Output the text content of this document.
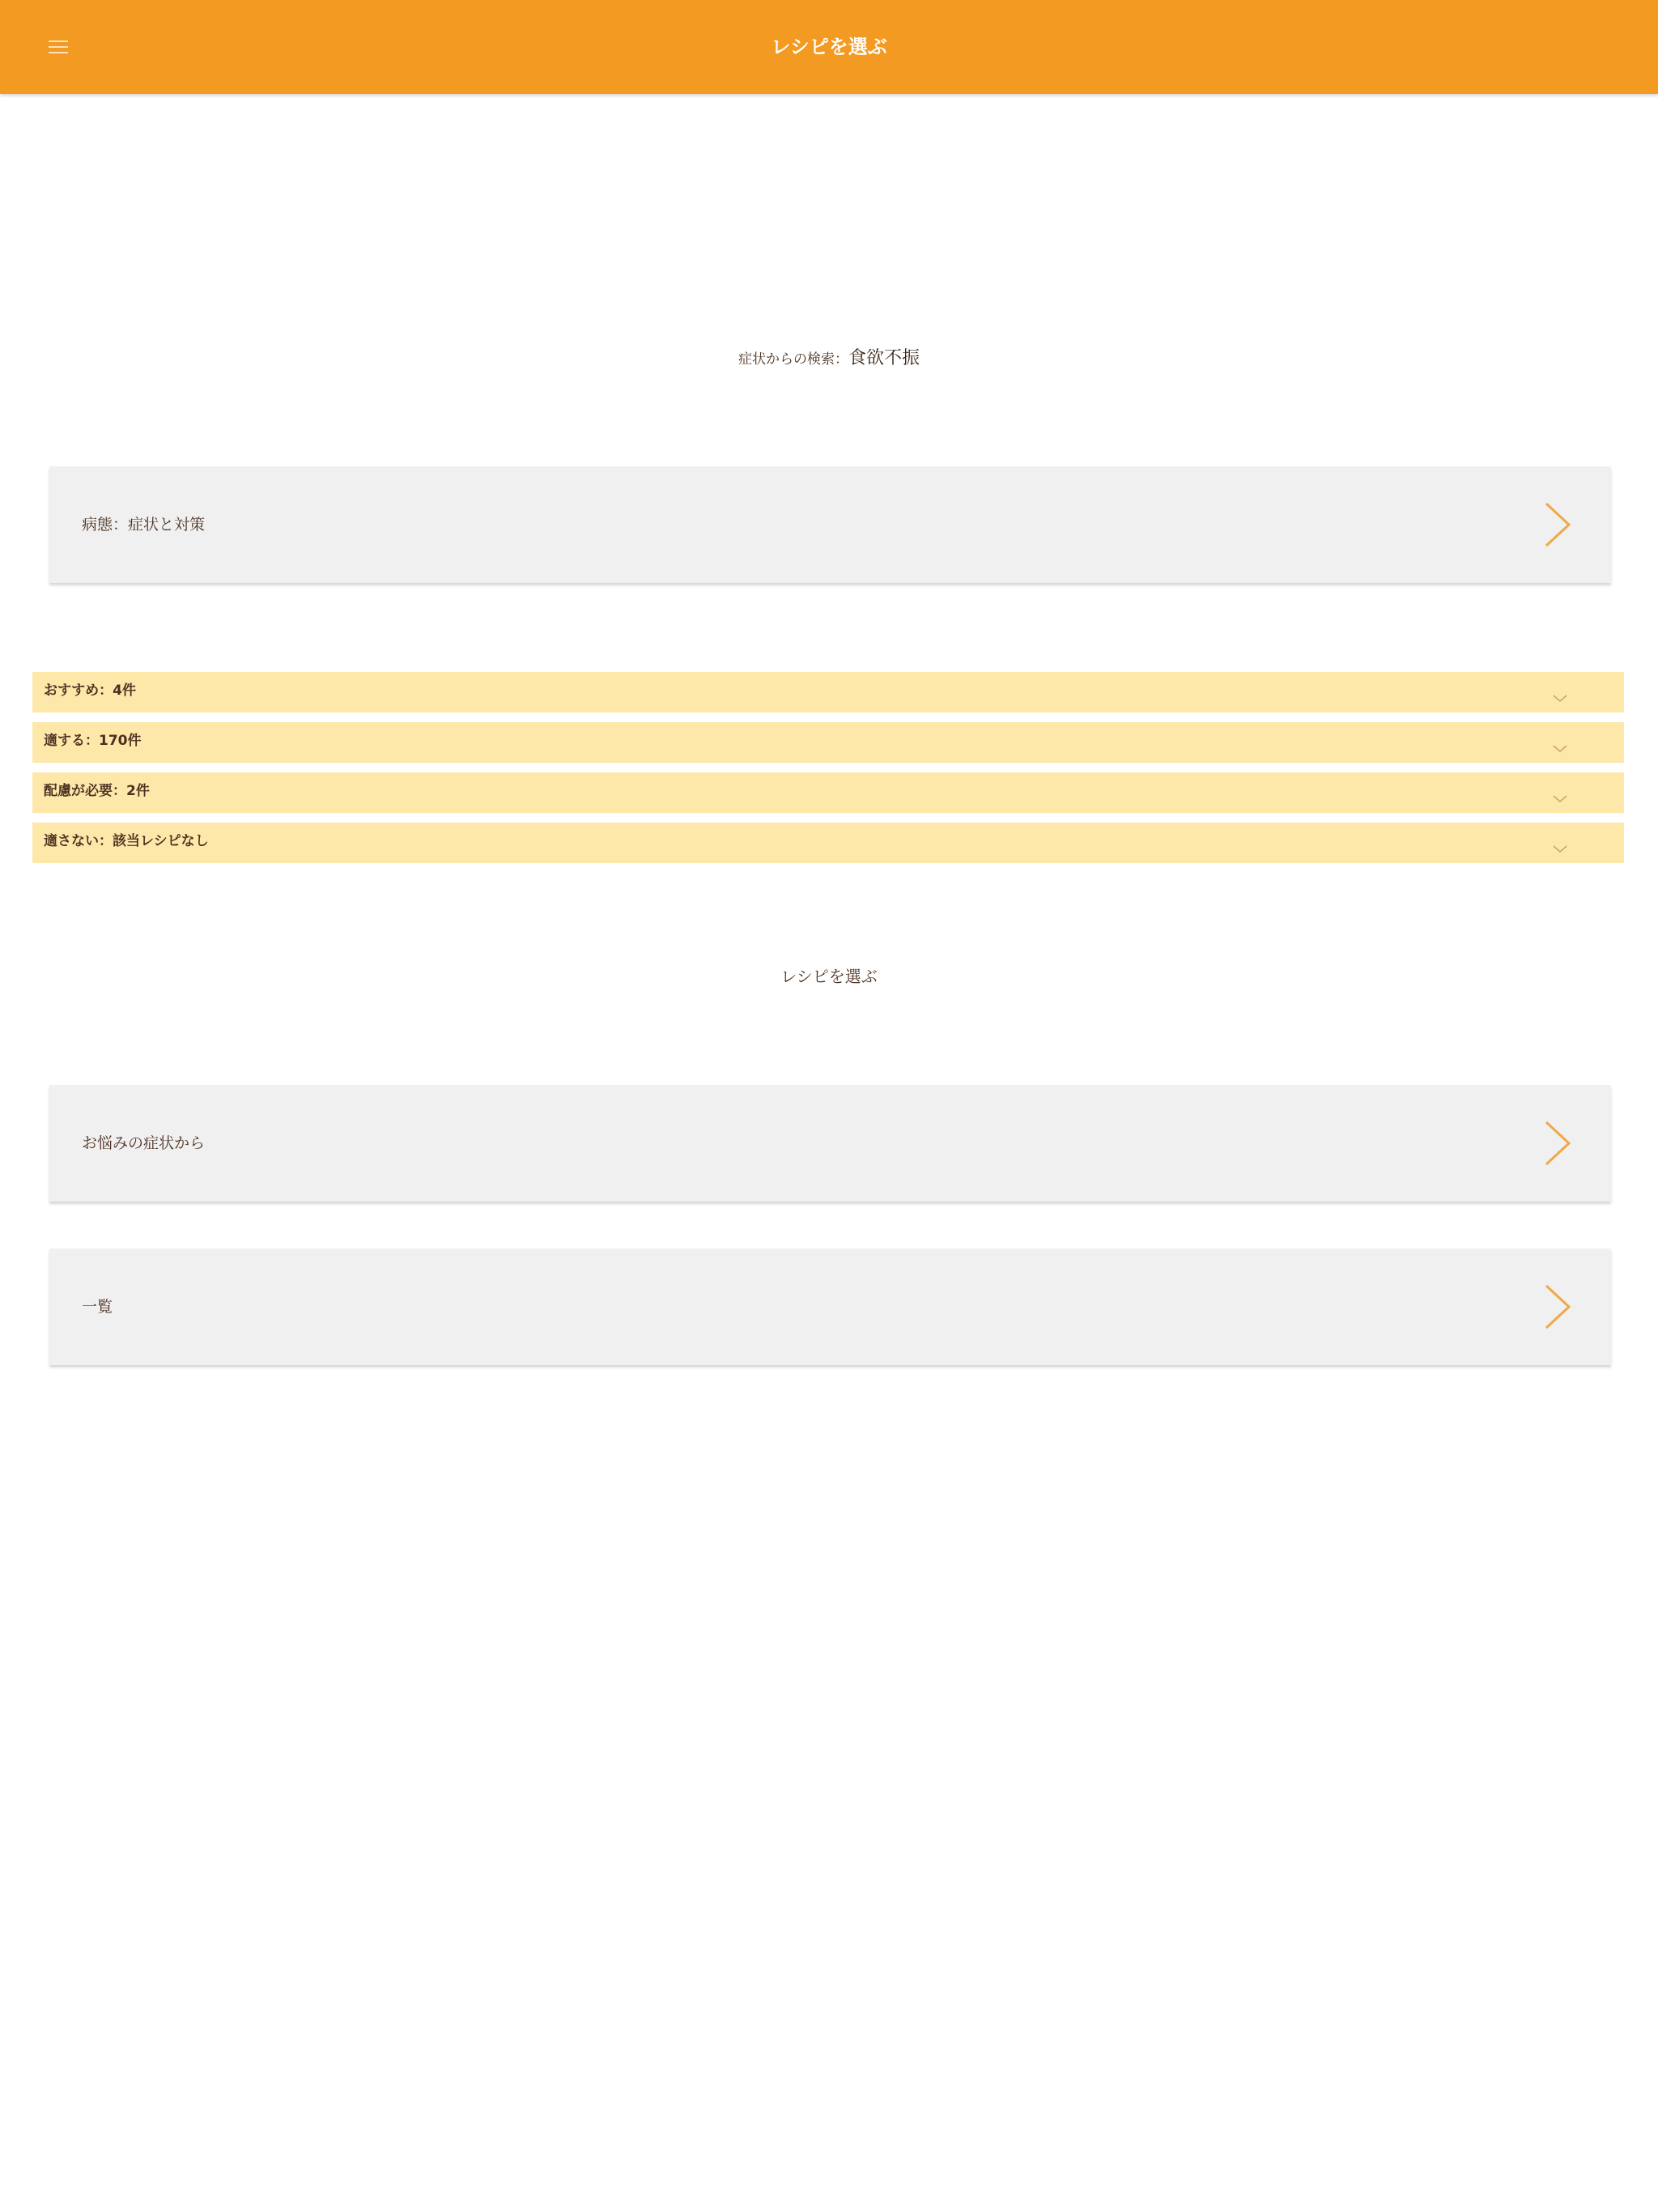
レシピを選ぶ
症状からの検索：食欲不振
病態：症状と対策
おすすめ：4件
適する：170件
配慮が必要：2件
適さない：該当レシピなし
レシピを選ぶ
お悩みの症状から
一覧
